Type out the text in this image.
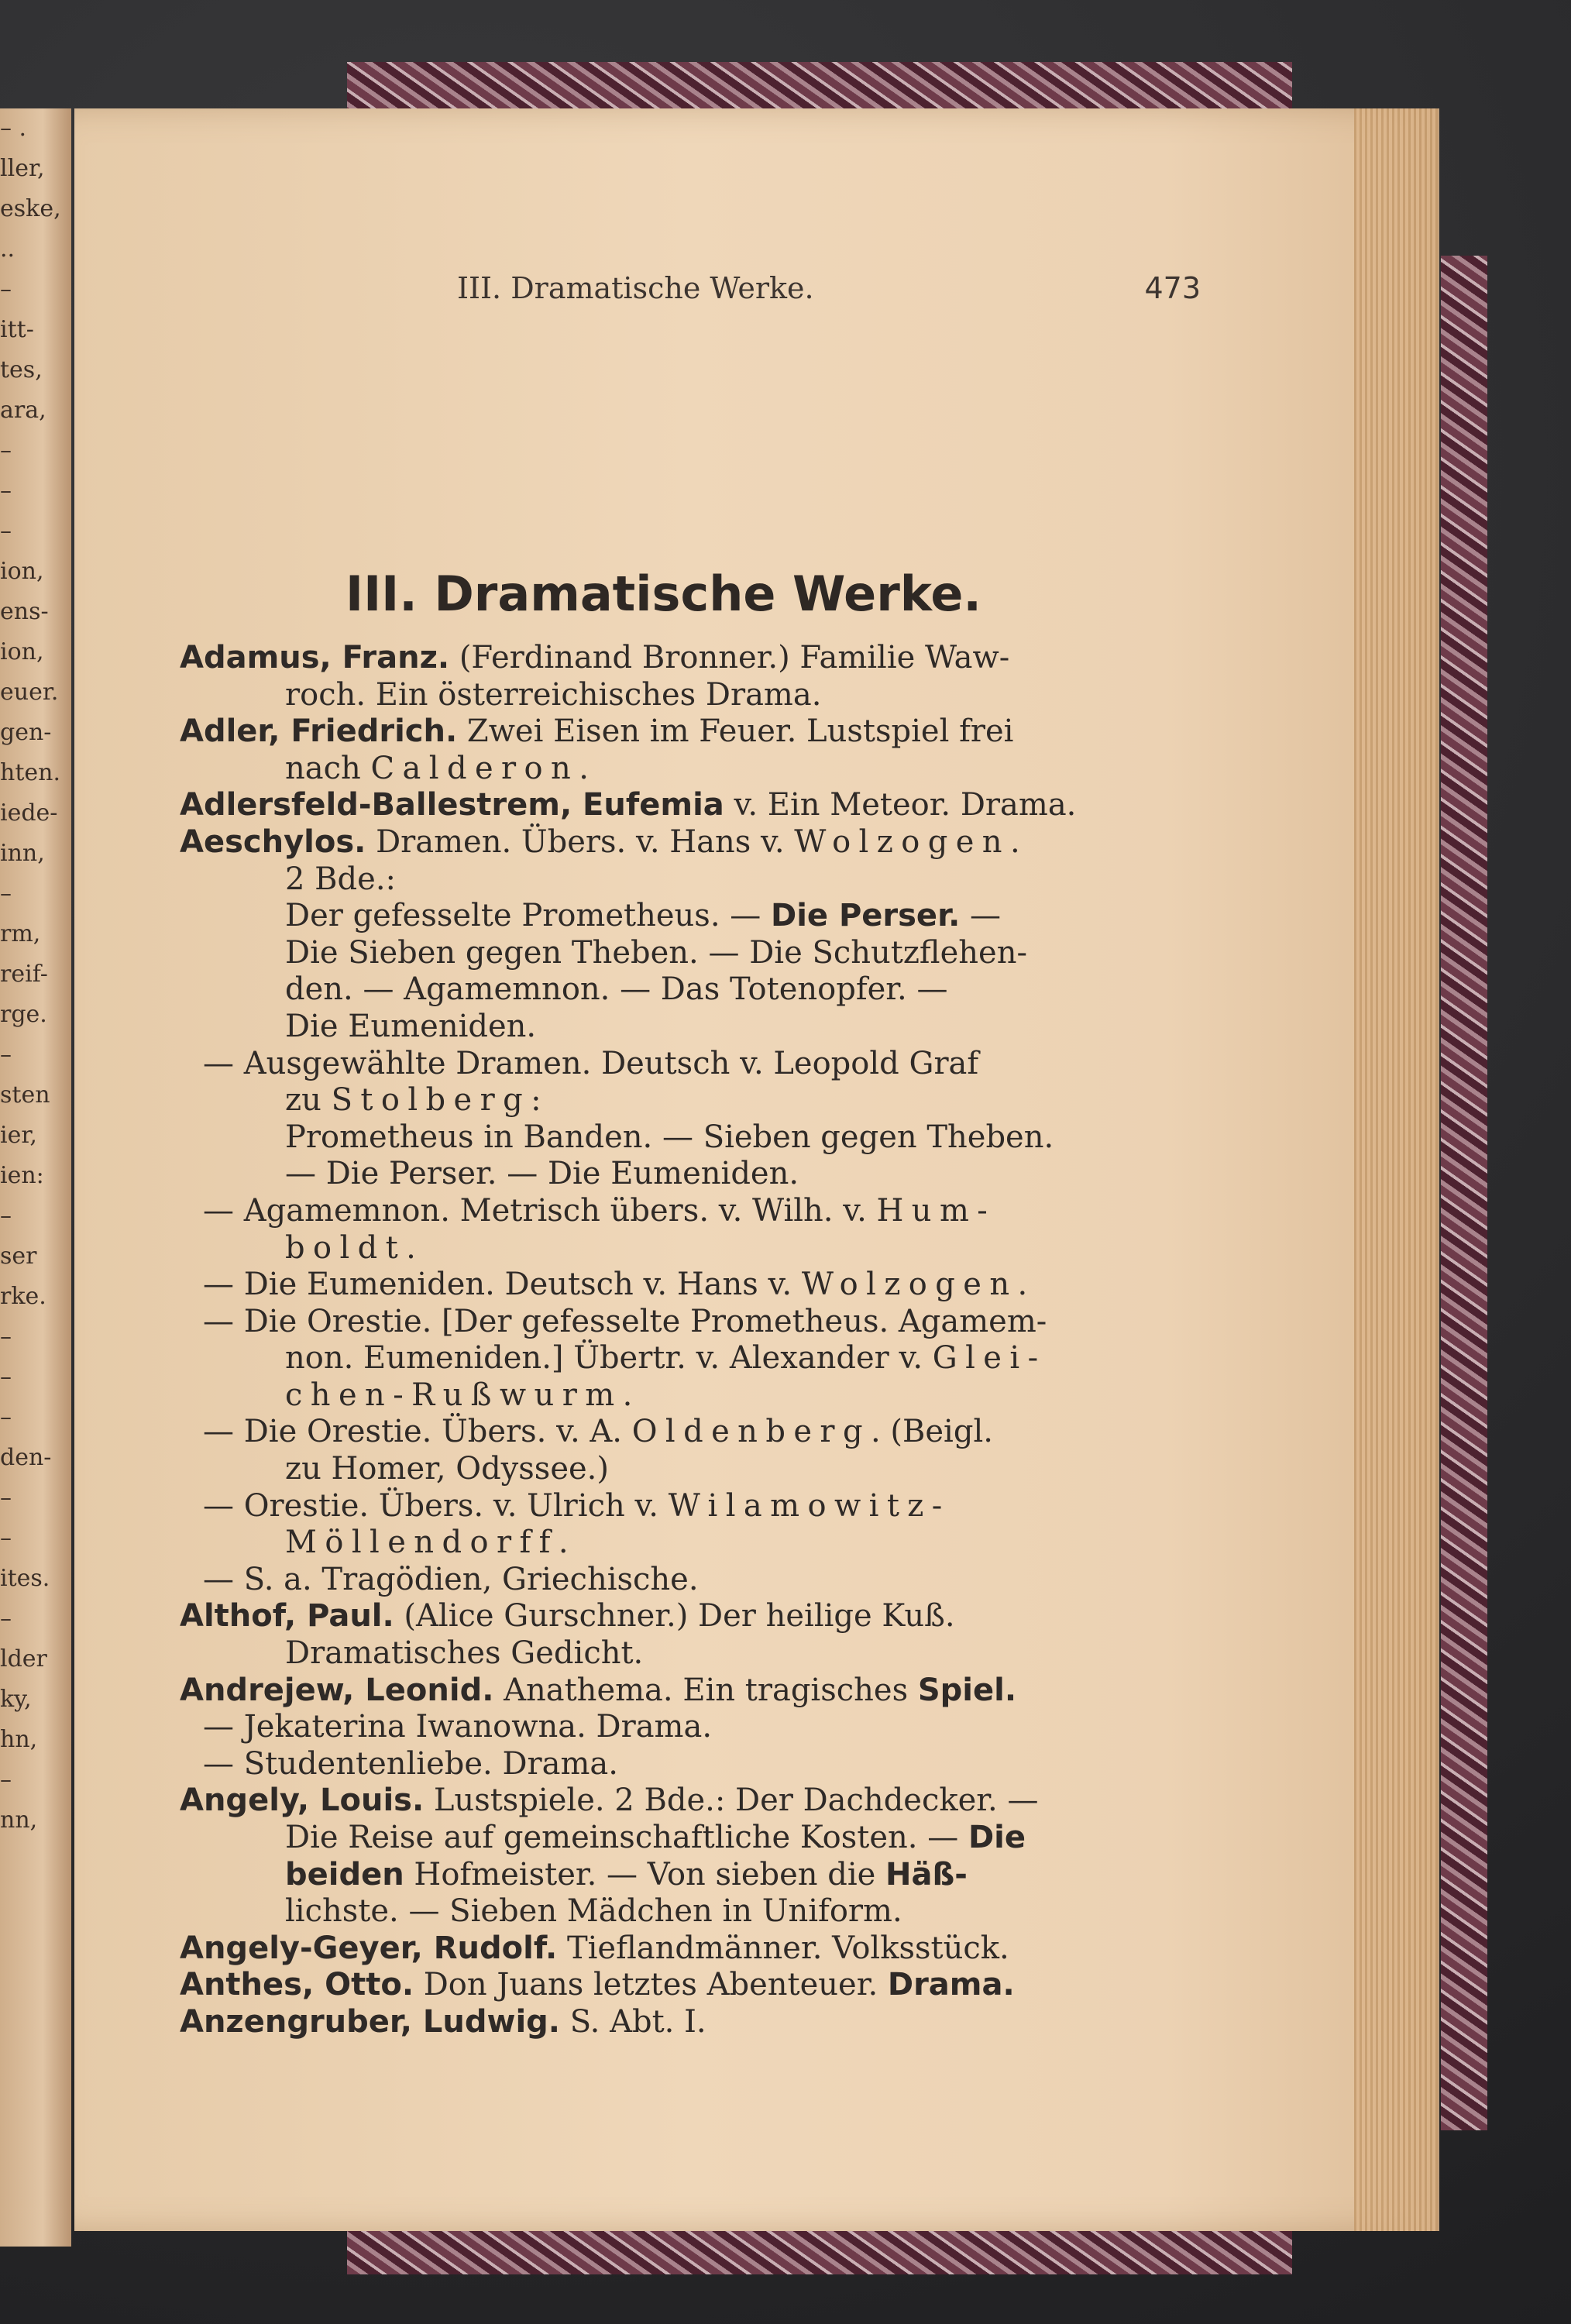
– .
ller,
eske,
..
–
itt-
tes,
ara,
–
–
–
ion,
ens-
ion,
euer.
gen-
hten.
iede-
inn,
–
rm,
reif-
rge.
–
sten
ier,
ien:
–
ser
rke.
–
–
–
den-
–
–
ites.
–
lder
ky,
hn,
–
nn,
III. Dramatische Werke.	473
III. Dramatische Werke.
Adamus, Franz. (Ferdinand Bronner.) Familie Waw-
roch. Ein österreichisches Drama.
Adler, Friedrich. Zwei Eisen im Feuer. Lustspiel frei
nach Calderon.
Adlersfeld-Ballestrem, Eufemia v. Ein Meteor. Drama.
Aeschylos. Dramen. Übers. v. Hans v. Wolzogen.
2 Bde.:
Der gefesselte Prometheus. — Die Perser. —
Die Sieben gegen Theben. — Die Schutzflehen-
den. — Agamemnon. — Das Totenopfer. —
Die Eumeniden.
— Ausgewählte Dramen. Deutsch v. Leopold Graf
zu Stolberg:
Prometheus in Banden. — Sieben gegen Theben.
— Die Perser. — Die Eumeniden.
— Agamemnon. Metrisch übers. v. Wilh. v. Hum-
boldt.
— Die Eumeniden. Deutsch v. Hans v. Wolzogen.
— Die Orestie. [Der gefesselte Prometheus. Agamem-
non. Eumeniden.] Übertr. v. Alexander v. Glei-
chen-Rußwurm.
— Die Orestie. Übers. v. A. Oldenberg. (Beigl.
zu Homer, Odyssee.)
— Orestie. Übers. v. Ulrich v. Wilamowitz-
Möllendorff.
— S. a. Tragödien, Griechische.
Althof, Paul. (Alice Gurschner.) Der heilige Kuß.
Dramatisches Gedicht.
Andrejew, Leonid. Anathema. Ein tragisches Spiel.
— Jekaterina Iwanowna. Drama.
— Studentenliebe. Drama.
Angely, Louis. Lustspiele. 2 Bde.: Der Dachdecker. —
Die Reise auf gemeinschaftliche Kosten. — Die
beiden Hofmeister. — Von sieben die Häß-
lichste. — Sieben Mädchen in Uniform.
Angely-Geyer, Rudolf. Tieflandmänner. Volksstück.
Anthes, Otto. Don Juans letztes Abenteuer. Drama.
Anzengruber, Ludwig. S. Abt. I.
